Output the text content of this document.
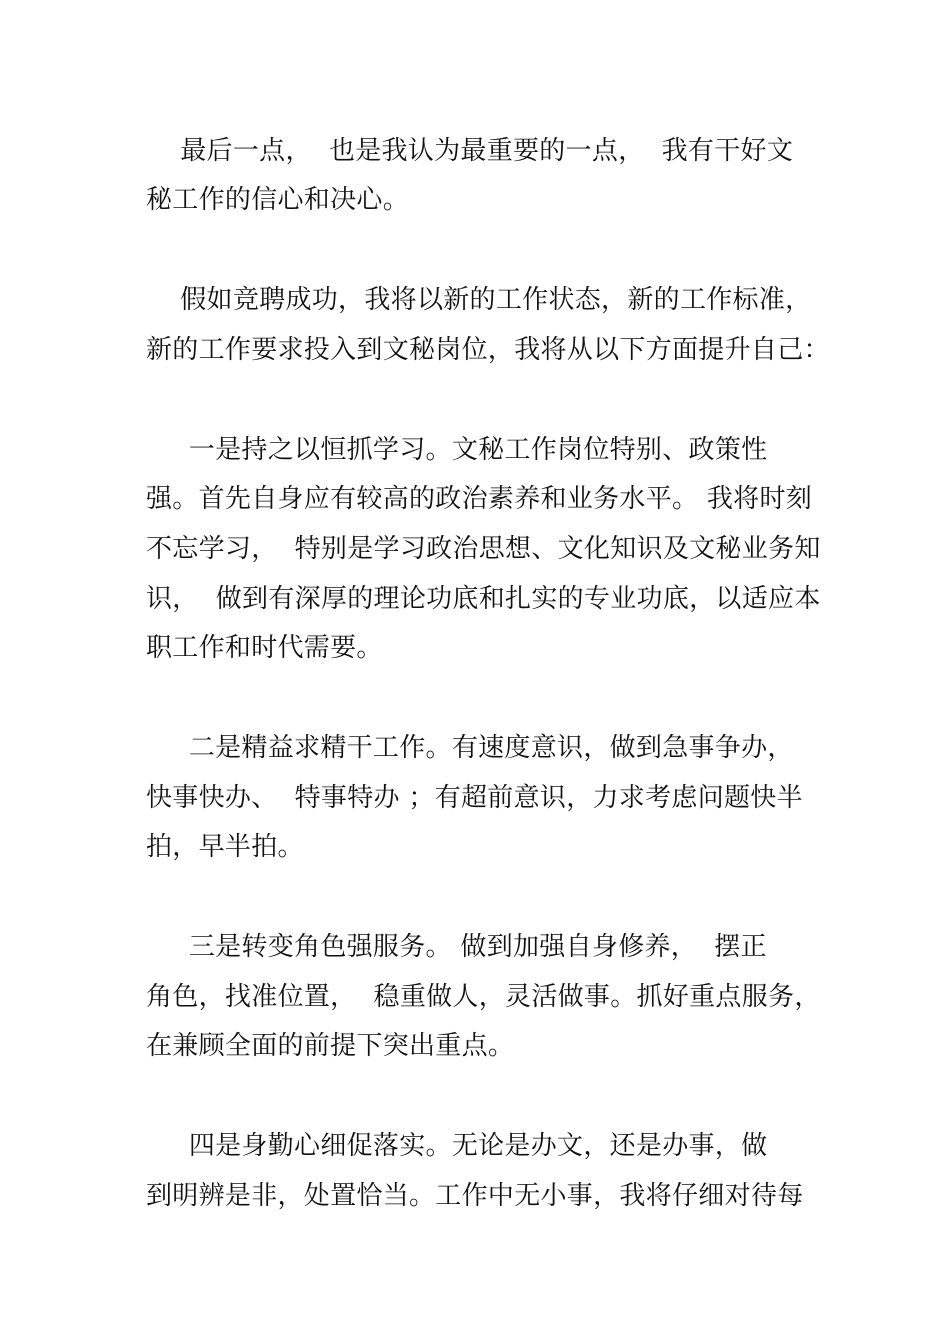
最后一点，  也是我认为最重要的一点，  我有干好文
秘工作的信心和决心。
假如竞聘成功，我将以新的工作状态，新的工作标准，
新的工作要求投入到文秘岗位，我将从以下方面提升自己：
一是持之以恒抓学习。文秘工作岗位特别、政策性
强。首先自身应有较高的政治素养和业务水平。 我将时刻
不忘学习，  特别是学习政治思想、文化知识及文秘业务知
识，  做到有深厚的理论功底和扎实的专业功底，以适应本
职工作和时代需要。
二是精益求精干工作。有速度意识，做到急事争办，
快事快办、  特事特办 ；有超前意识，力求考虑问题快半
拍，早半拍。
三是转变角色强服务。 做到加强自身修养，  摆正
角色，找准位置，  稳重做人，灵活做事。抓好重点服务，
在兼顾全面的前提下突出重点。
四是身勤心细促落实。无论是办文，还是办事，做
到明辨是非，处置恰当。工作中无小事，我将仔细对待每
